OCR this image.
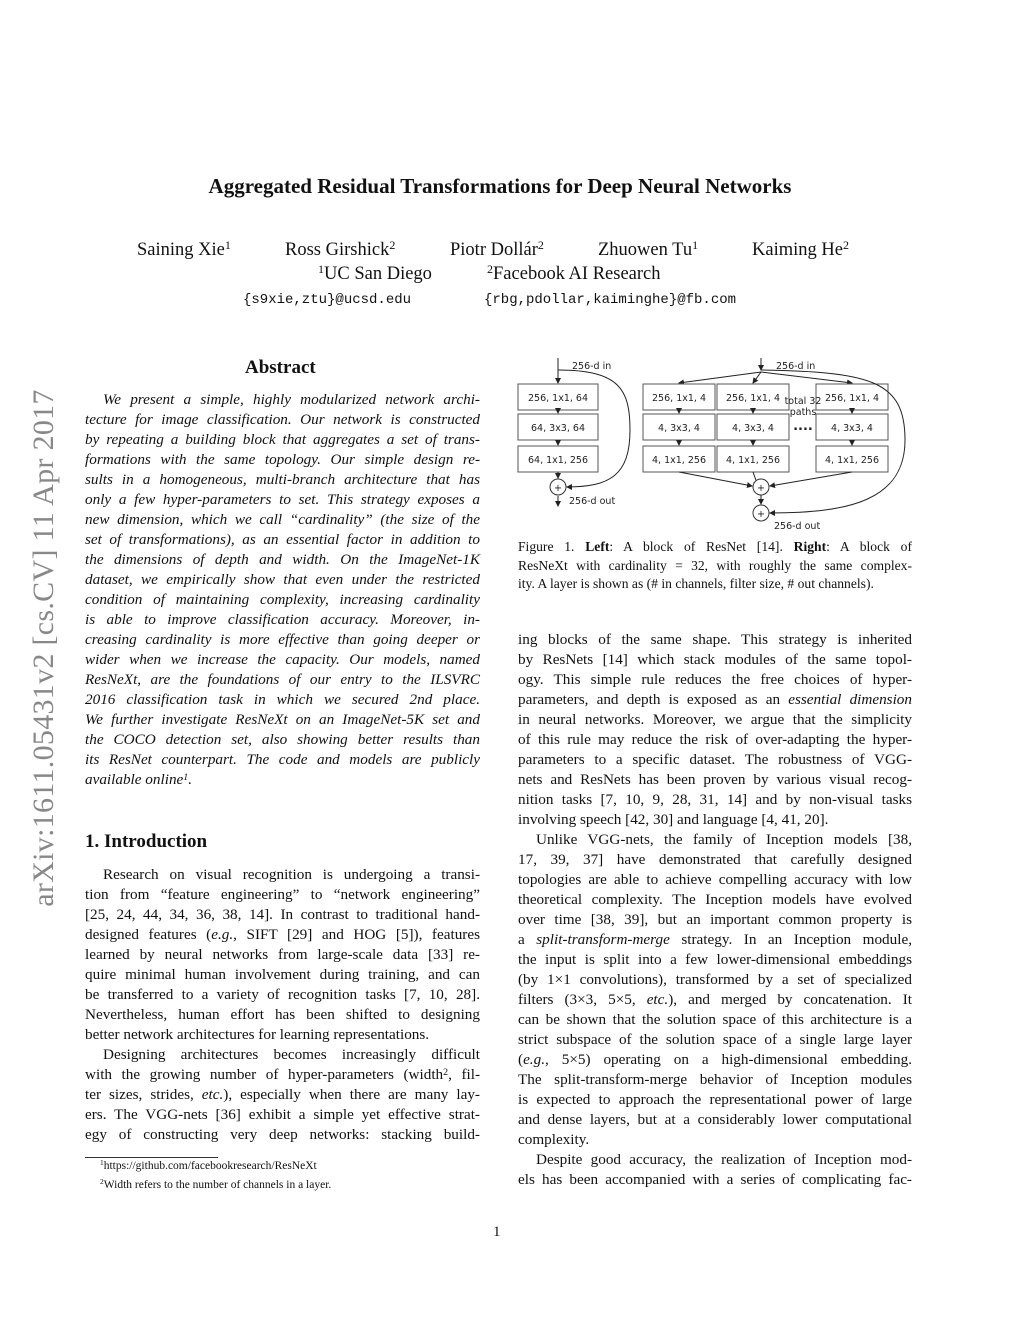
arXiv:1611.05431v2 [cs.CV] 11 Apr 2017
Aggregated Residual Transformations for Deep Neural Networks
Saining Xie$^1$	Ross Girshick$^2$	Piotr Dollár$^2$	Zhuowen Tu$^1$	Kaiming He$^2$
$^1$UC San Diego	$^2$Facebook AI Research
{s9xie,ztu}@ucsd.edu	{rbg,pdollar,kaiminghe}@fb.com
Abstract
We present a simple, highly modularized network archi-
tecture for image classification. Our network is constructed
by repeating a building block that aggregates a set of trans-
formations with the same topology. Our simple design re-
sults in a homogeneous, multi-branch architecture that has
only a few hyper-parameters to set. This strategy exposes a
new dimension, which we call “cardinality” (the size of the
set of transformations), as an essential factor in addition to
the dimensions of depth and width. On the ImageNet-1K
dataset, we empirically show that even under the restricted
condition of maintaining complexity, increasing cardinality
is able to improve classification accuracy. Moreover, in-
creasing cardinality is more effective than going deeper or
wider when we increase the capacity. Our models, named
ResNeXt, are the foundations of our entry to the ILSVRC
2016 classification task in which we secured 2nd place.
We further investigate ResNeXt on an ImageNet-5K set and
the COCO detection set, also showing better results than
its ResNet counterpart. The code and models are publicly
available online$^1$.
1. Introduction
Research on visual recognition is undergoing a transi-
tion from “feature engineering” to “network engineering”
[25, 24, 44, 34, 36, 38, 14]. In contrast to traditional hand-
designed features (e.g., SIFT [29] and HOG [5]), features
learned by neural networks from large-scale data [33] re-
quire minimal human involvement during training, and can
be transferred to a variety of recognition tasks [7, 10, 28].
Nevertheless, human effort has been shifted to designing
better network architectures for learning representations.
Designing architectures becomes increasingly difficult
with the growing number of hyper-parameters (width$^2$, fil-
ter sizes, strides, etc.), especially when there are many lay-
ers. The VGG-nets [36] exhibit a simple yet effective strat-
egy of constructing very deep networks: stacking build-
$^1$https://github.com/facebookresearch/ResNeXt
$^2$Width refers to the number of channels in a layer.
256, 1x1, 64
64, 3x3, 64
64, 1x1, 256
+
256-d in
256-d out
256-d in
256, 1x1, 4
4, 3x3, 4
4, 1x1, 256
256, 1x1, 4
4, 3x3, 4
4, 1x1, 256
256, 1x1, 4
4, 3x3, 4
4, 1x1, 256
+
+
256-d out
total 32
paths
....
Figure 1. Left: A block of ResNet [14]. Right: A block of
ResNeXt with cardinality = 32, with roughly the same complex-
ity. A layer is shown as (# in channels, filter size, # out channels).
ing blocks of the same shape. This strategy is inherited
by ResNets [14] which stack modules of the same topol-
ogy. This simple rule reduces the free choices of hyper-
parameters, and depth is exposed as an essential dimension
in neural networks. Moreover, we argue that the simplicity
of this rule may reduce the risk of over-adapting the hyper-
parameters to a specific dataset. The robustness of VGG-
nets and ResNets has been proven by various visual recog-
nition tasks [7, 10, 9, 28, 31, 14] and by non-visual tasks
involving speech [42, 30] and language [4, 41, 20].
Unlike VGG-nets, the family of Inception models [38,
17, 39, 37] have demonstrated that carefully designed
topologies are able to achieve compelling accuracy with low
theoretical complexity. The Inception models have evolved
over time [38, 39], but an important common property is
a split-transform-merge strategy. In an Inception module,
the input is split into a few lower-dimensional embeddings
(by 1×1 convolutions), transformed by a set of specialized
filters (3×3, 5×5, etc.), and merged by concatenation. It
can be shown that the solution space of this architecture is a
strict subspace of the solution space of a single large layer
(e.g., 5×5) operating on a high-dimensional embedding.
The split-transform-merge behavior of Inception modules
is expected to approach the representational power of large
and dense layers, but at a considerably lower computational
complexity.
Despite good accuracy, the realization of Inception mod-
els has been accompanied with a series of complicating fac-
1
